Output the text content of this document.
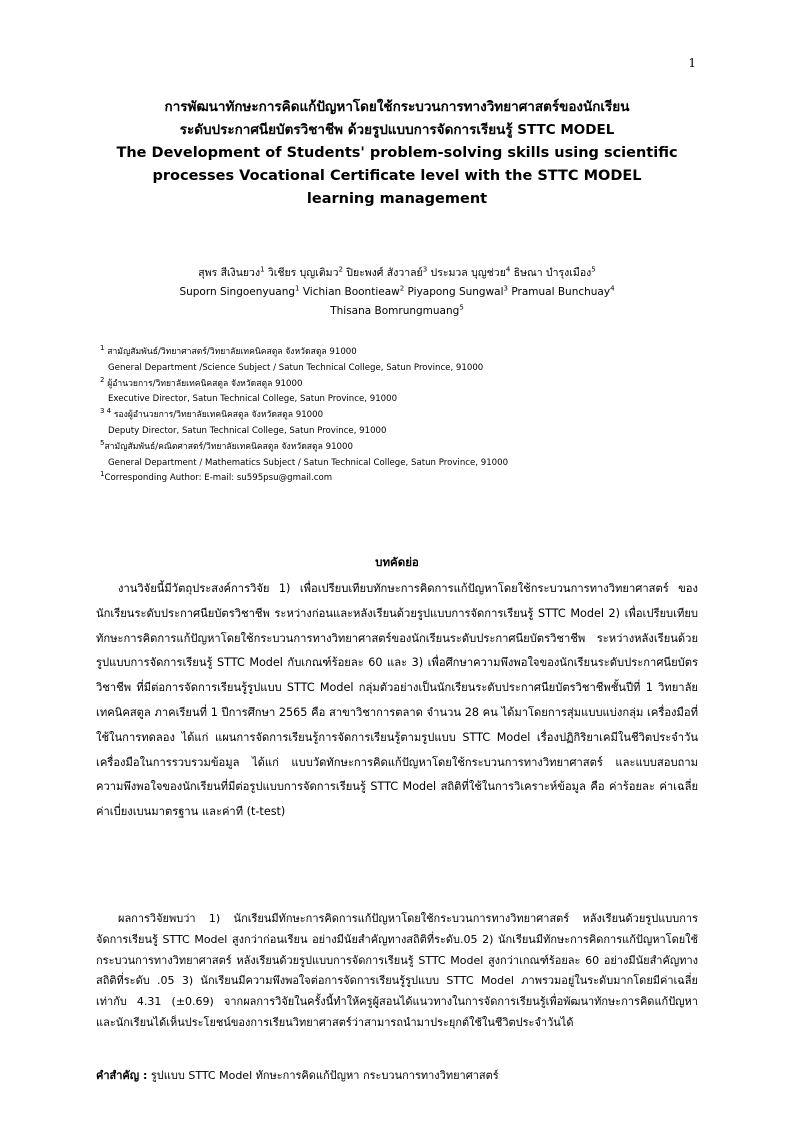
1

การพัฒนาทักษะการคิดแก้ปัญหาโดยใช้กระบวนการทางวิทยาศาสตร์ของนักเรียน

ระดับประกาศนียบัตรวิชาชีพ ด้วยรูปแบบการจัดการเรียนรู้ STTC MODEL

The Development of Students' problem-solving skills using scientific

processes Vocational Certificate level with the STTC MODEL

learning management

สุพร สีเงินยวง$^1$ วิเชียร บุญเติมว$^2$ ปิยะพงศ์ สังวาลย์$^3$ ประมวล บุญช่วย$^4$ ธิษณา บำรุงเมือง$^5$
Suporn Singoenyuang$^1$ Vichian Boontieaw$^2$ Piyapong Sungwal$^3$ Pramual Bunchuay$^4$
Thisana Bomrungmuang$^5$
$^1$ สามัญสัมพันธ์/วิทยาศาสตร์/วิทยาลัยเทคนิคสตูล จังหวัดสตูล 91000
General Department /Science Subject / Satun Technical College, Satun Province, 91000
$^2$ ผู้อำนวยการ/วิทยาลัยเทคนิคสตูล จังหวัดสตูล 91000
Executive Director, Satun Technical College, Satun Province, 91000
$^{3 4}$ รองผู้อำนวยการ/วิทยาลัยเทคนิคสตูล จังหวัดสตูล 91000
Deputy Director, Satun Technical College, Satun Province, 91000
$^5$สามัญสัมพันธ์/คณิตศาสตร์/วิทยาลัยเทคนิคสตูล จังหวัดสตูล 91000
General Department / Mathematics Subject / Satun Technical College, Satun Province, 91000
$^1$Corresponding Author: E-mail: su595psu@gmail.com
บทคัดย่อ

งานวิจัยนี้มีวัตถุประสงค์การวิจัย 1) เพื่อเปรียบเทียบทักษะการคิดการแก้ปัญหาโดยใช้กระบวนการทางวิทยาศาสตร์ ของนักเรียนระดับประกาศนียบัตรวิชาชีพ ระหว่างก่อนและหลังเรียนด้วยรูปแบบการจัดการเรียนรู้ STTC Model 2) เพื่อเปรียบเทียบทักษะการคิดการแก้ปัญหาโดยใช้กระบวนการทางวิทยาศาสตร์ของนักเรียนระดับประกาศนียบัตรวิชาชีพ ระหว่างหลังเรียนด้วยรูปแบบการจัดการเรียนรู้ STTC Model กับเกณฑ์ร้อยละ 60 และ 3) เพื่อศึกษาความพึงพอใจของนักเรียนระดับประกาศนียบัตรวิชาชีพ ที่มีต่อการจัดการเรียนรู้รูปแบบ STTC Model กลุ่มตัวอย่างเป็นนักเรียนระดับประกาศนียบัตรวิชาชีพชั้นปีที่ 1 วิทยาลัยเทคนิคสตูล ภาคเรียนที่ 1 ปีการศึกษา 2565 คือ สาขาวิชาการตลาด จำนวน 28 คน ได้มาโดยการสุ่มแบบแบ่งกลุ่ม เครื่องมือที่ใช้ในการทดลอง ได้แก่ แผนการจัดการเรียนรู้การจัดการเรียนรู้ตามรูปแบบ STTC Model เรื่องปฏิกิริยาเคมีในชีวิตประจำวัน เครื่องมือในการรวบรวมข้อมูล ได้แก่ แบบวัดทักษะการคิดแก้ปัญหาโดยใช้กระบวนการทางวิทยาศาสตร์ และแบบสอบถามความพึงพอใจของนักเรียนที่มีต่อรูปแบบการจัดการเรียนรู้ STTC Model สถิติที่ใช้ในการวิเคราะห์ข้อมูล คือ ค่าร้อยละ ค่าเฉลี่ย ค่าเบี่ยงเบนมาตรฐาน และค่าที (t-test)

ผลการวิจัยพบว่า 1) นักเรียนมีทักษะการคิดการแก้ปัญหาโดยใช้กระบวนการทางวิทยาศาสตร์ หลังเรียนด้วยรูปแบบการจัดการเรียนรู้ STTC Model สูงกว่าก่อนเรียน อย่างมีนัยสำคัญทางสถิติที่ระดับ.05 2) นักเรียนมีทักษะการคิดการแก้ปัญหาโดยใช้กระบวนการทางวิทยาศาสตร์ หลังเรียนด้วยรูปแบบการจัดการเรียนรู้ STTC Model สูงกว่าเกณฑ์ร้อยละ 60 อย่างมีนัยสำคัญทางสถิติที่ระดับ .05 3) นักเรียนมีความพึงพอใจต่อการจัดการเรียนรู้รูปแบบ STTC Model ภาพรวมอยู่ในระดับมากโดยมีค่าเฉลี่ยเท่ากับ 4.31 (±0.69) จากผลการวิจัยในครั้งนี้ทำให้ครูผู้สอนได้แนวทางในการจัดการเรียนรู้เพื่อพัฒนาทักษะการคิดแก้ปัญหา และนักเรียนได้เห็นประโยชน์ของการเรียนวิทยาศาสตร์ว่าสามารถนำมาประยุกต์ใช้ในชีวิตประจำวันได้

คำสำคัญ : รูปแบบ STTC Model ทักษะการคิดแก้ปัญหา กระบวนการทางวิทยาศาสตร์
